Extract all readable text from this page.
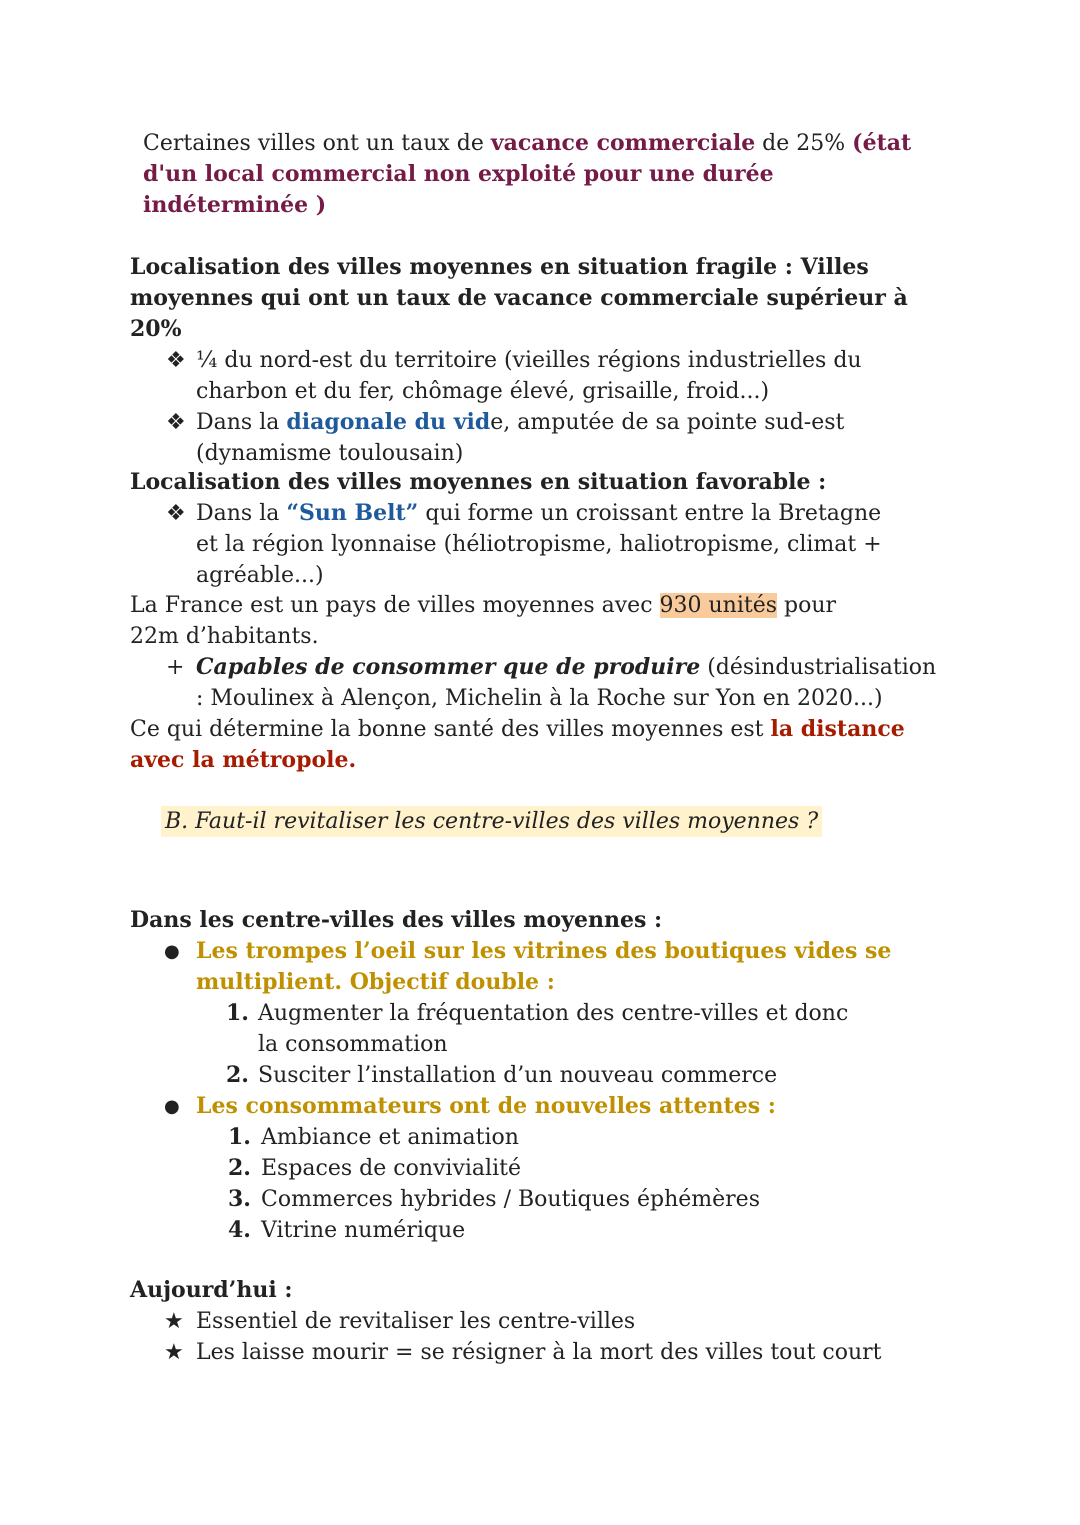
Certaines villes ont un taux de vacance commerciale de 25% (état d'un local commercial non exploité pour une durée indéterminée )

Localisation des villes moyennes en situation fragile : Villes moyennes qui ont un taux de vacance commerciale supérieur à 20%

❖ ¼ du nord-est du territoire (vieilles régions industrielles du charbon et du fer, chômage élevé, grisaille, froid...)
❖ Dans la diagonale du vide, amputée de sa pointe sud-est (dynamisme toulousain)

Localisation des villes moyennes en situation favorable :

❖ Dans la “Sun Belt” qui forme un croissant entre la Bretagne et la région lyonnaise (héliotropisme, haliotropisme, climat + agréable...)

La France est un pays de villes moyennes avec 930 unités pour 22m d’habitants.

+ Capables de consommer que de produire (désindustrialisation : Moulinex à Alençon, Michelin à la Roche sur Yon en 2020...)

Ce qui détermine la bonne santé des villes moyennes est la distance avec la métropole.

B. Faut-il revitaliser les centre-villes des villes moyennes ?

Dans les centre-villes des villes moyennes :

● Les trompes l’oeil sur les vitrines des boutiques vides se multiplient. Objectif double :
1. Augmenter la fréquentation des centre-villes et donc la consommation
2. Susciter l’installation d’un nouveau commerce
● Les consommateurs ont de nouvelles attentes :
1. Ambiance et animation
2. Espaces de convivialité
3. Commerces hybrides / Boutiques éphémères
4. Vitrine numérique

Aujourd’hui :

★ Essentiel de revitaliser les centre-villes
★ Les laisse mourir = se résigner à la mort des villes tout court
